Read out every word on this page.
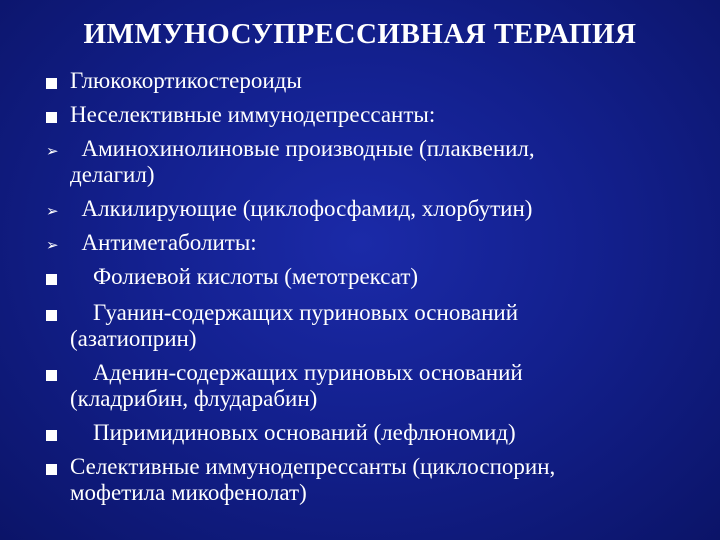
ИММУНОСУПРЕССИВНАЯ ТЕРАПИЯ
Глюкокортикостероиды
Неселективные иммунодепрессанты:
➢ Аминохинолиновые производные (плаквенил,
делагил)
➢ Алкилирующие (циклофосфамид, хлорбутин)
➢ Антиметаболиты:
Фолиевой кислоты (метотрексат)
Гуанин-содержащих пуриновых оснований
(азатиоприн)
Аденин-содержащих пуриновых оснований
(кладрибин, флударабин)
Пиримидиновых оснований (лефлюномид)
Селективные иммунодепрессанты (циклоспорин,
мофетила микофенолат)
